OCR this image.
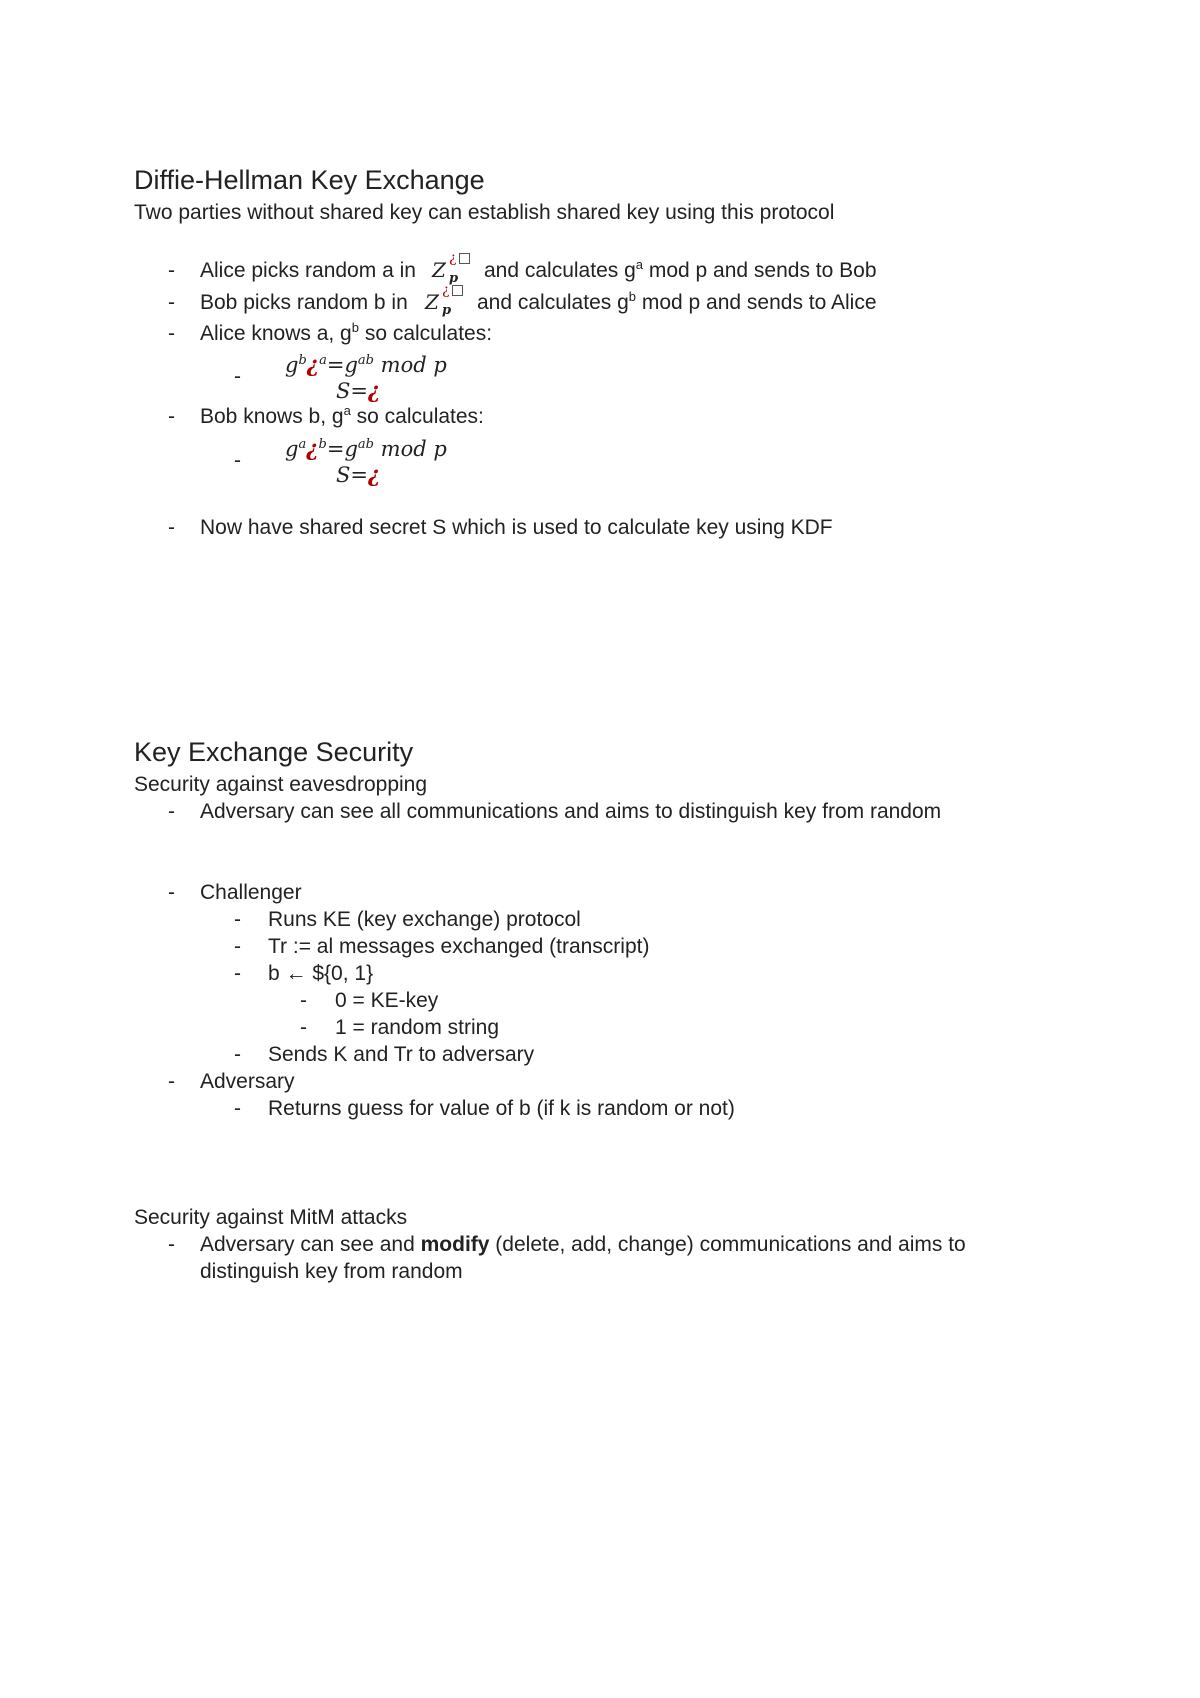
Diffie-Hellman Key Exchange
Two parties without shared key can establish shared key using this protocol
- Alice picks random a in Z ¿
p and calculates $g^a$ mod p and sends to Bob
- Bob picks random b in Z ¿
p and calculates $g^b$ mod p and sends to Alice
- Alice knows a, $g^b$ so calculates:
- $g^b¿^a=g^{ab}$ mod p
S=¿
- Bob knows b, $g^a$ so calculates:
- $g^a¿^b=g^{ab}$ mod p
S=¿
- Now have shared secret S which is used to calculate key using KDF
Key Exchange Security
Security against eavesdropping
- Adversary can see all communications and aims to distinguish key from random
- Challenger
- Runs KE (key exchange) protocol
- Tr := al messages exchanged (transcript)
- b ← ${0, 1}
- 0 = KE-key
- 1 = random string
- Sends K and Tr to adversary
- Adversary
- Returns guess for value of b (if k is random or not)
Security against MitM attacks
- Adversary can see and modify (delete, add, change) communications and aims to
distinguish key from random
